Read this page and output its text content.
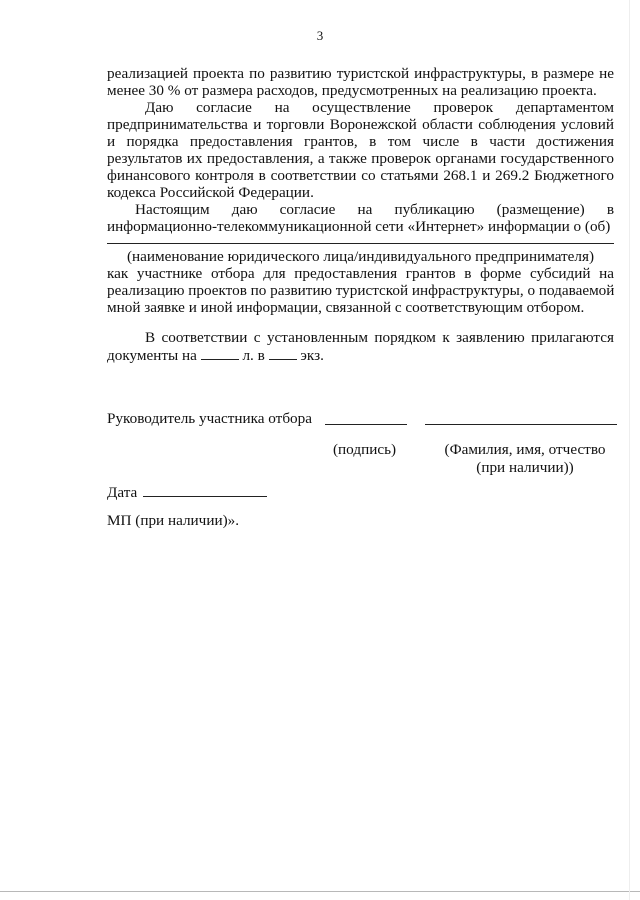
3
реализацией проекта по развитию туристской инфраструктуры, в размере не
менее 30 % от размера расходов, предусмотренных на реализацию проекта.
Даю согласие на осуществление проверок департаментом
предпринимательства и торговли Воронежской области соблюдения условий
и порядка предоставления грантов, в том числе в части достижения
результатов их предоставления, а также проверок органами государственного
финансового контроля в соответствии со статьями 268.1 и 269.2 Бюджетного
кодекса Российской Федерации.
Настоящим даю согласие на публикацию (размещение) в
информационно-телекоммуникационной сети «Интернет» информации о (об)
(наименование юридического лица/индивидуального предпринимателя)
как участнике отбора для предоставления грантов в форме субсидий на
реализацию проектов по развитию туристской инфраструктуры, о подаваемой
мной заявке и иной информации, связанной с соответствующим отбором.
В соответствии с установленным порядком к заявлению прилагаются
документы на	л. в экз.
Руководитель участника отбора
(подпись)	(Фамилия, имя, отчество
(при наличии))
Дата
МП (при наличии)».
